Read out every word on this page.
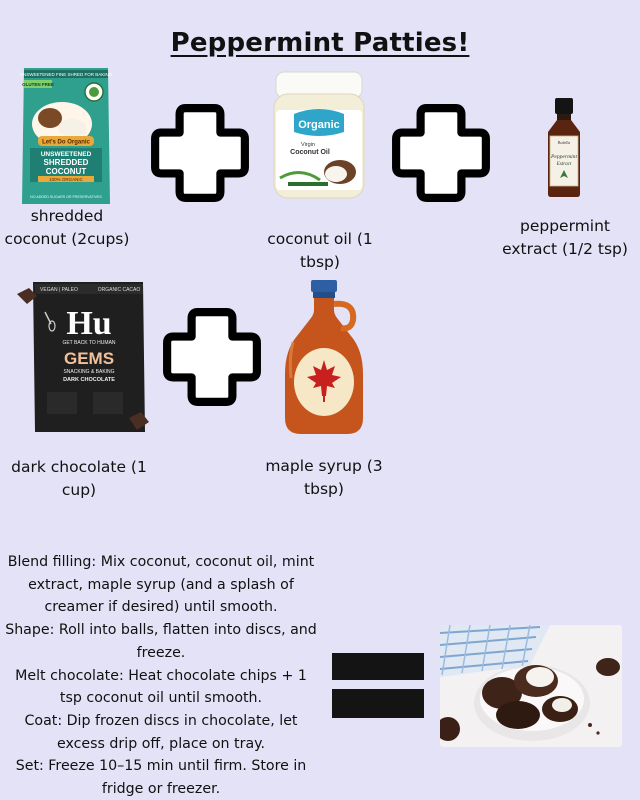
Peppermint Patties!
UNSWEETENED FINE SHRED FOR BAKING
GLUTEN FREE
Let's Do Organic
UNSWEETENED
SHREDDED
COCONUT
100% ORGANIC
NO ADDED SUGARS OR PRESERVATIVES
shredded coconut (2cups)
Organic
Virgin
Coconut Oil
coconut oil (1 tbsp)
Bodella
Peppermint
Extract
peppermint extract (1/2 tsp)
VEGAN | PALEO	ORGANIC CACAO
Hu
GET BACK TO HUMAN
GEMS
SNACKING & BAKING
DARK CHOCOLATE
dark chocolate (1 cup)
maple syrup (3 tbsp)
Blend filling: Mix coconut, coconut oil, mint extract, maple syrup (and a splash of creamer if desired) until smooth.
Shape: Roll into balls, flatten into discs, and freeze.
Melt chocolate: Heat chocolate chips + 1 tsp coconut oil until smooth.
Coat: Dip frozen discs in chocolate, let excess drip off, place on tray.
Set: Freeze 10–15 min until firm. Store in fridge or freezer.
